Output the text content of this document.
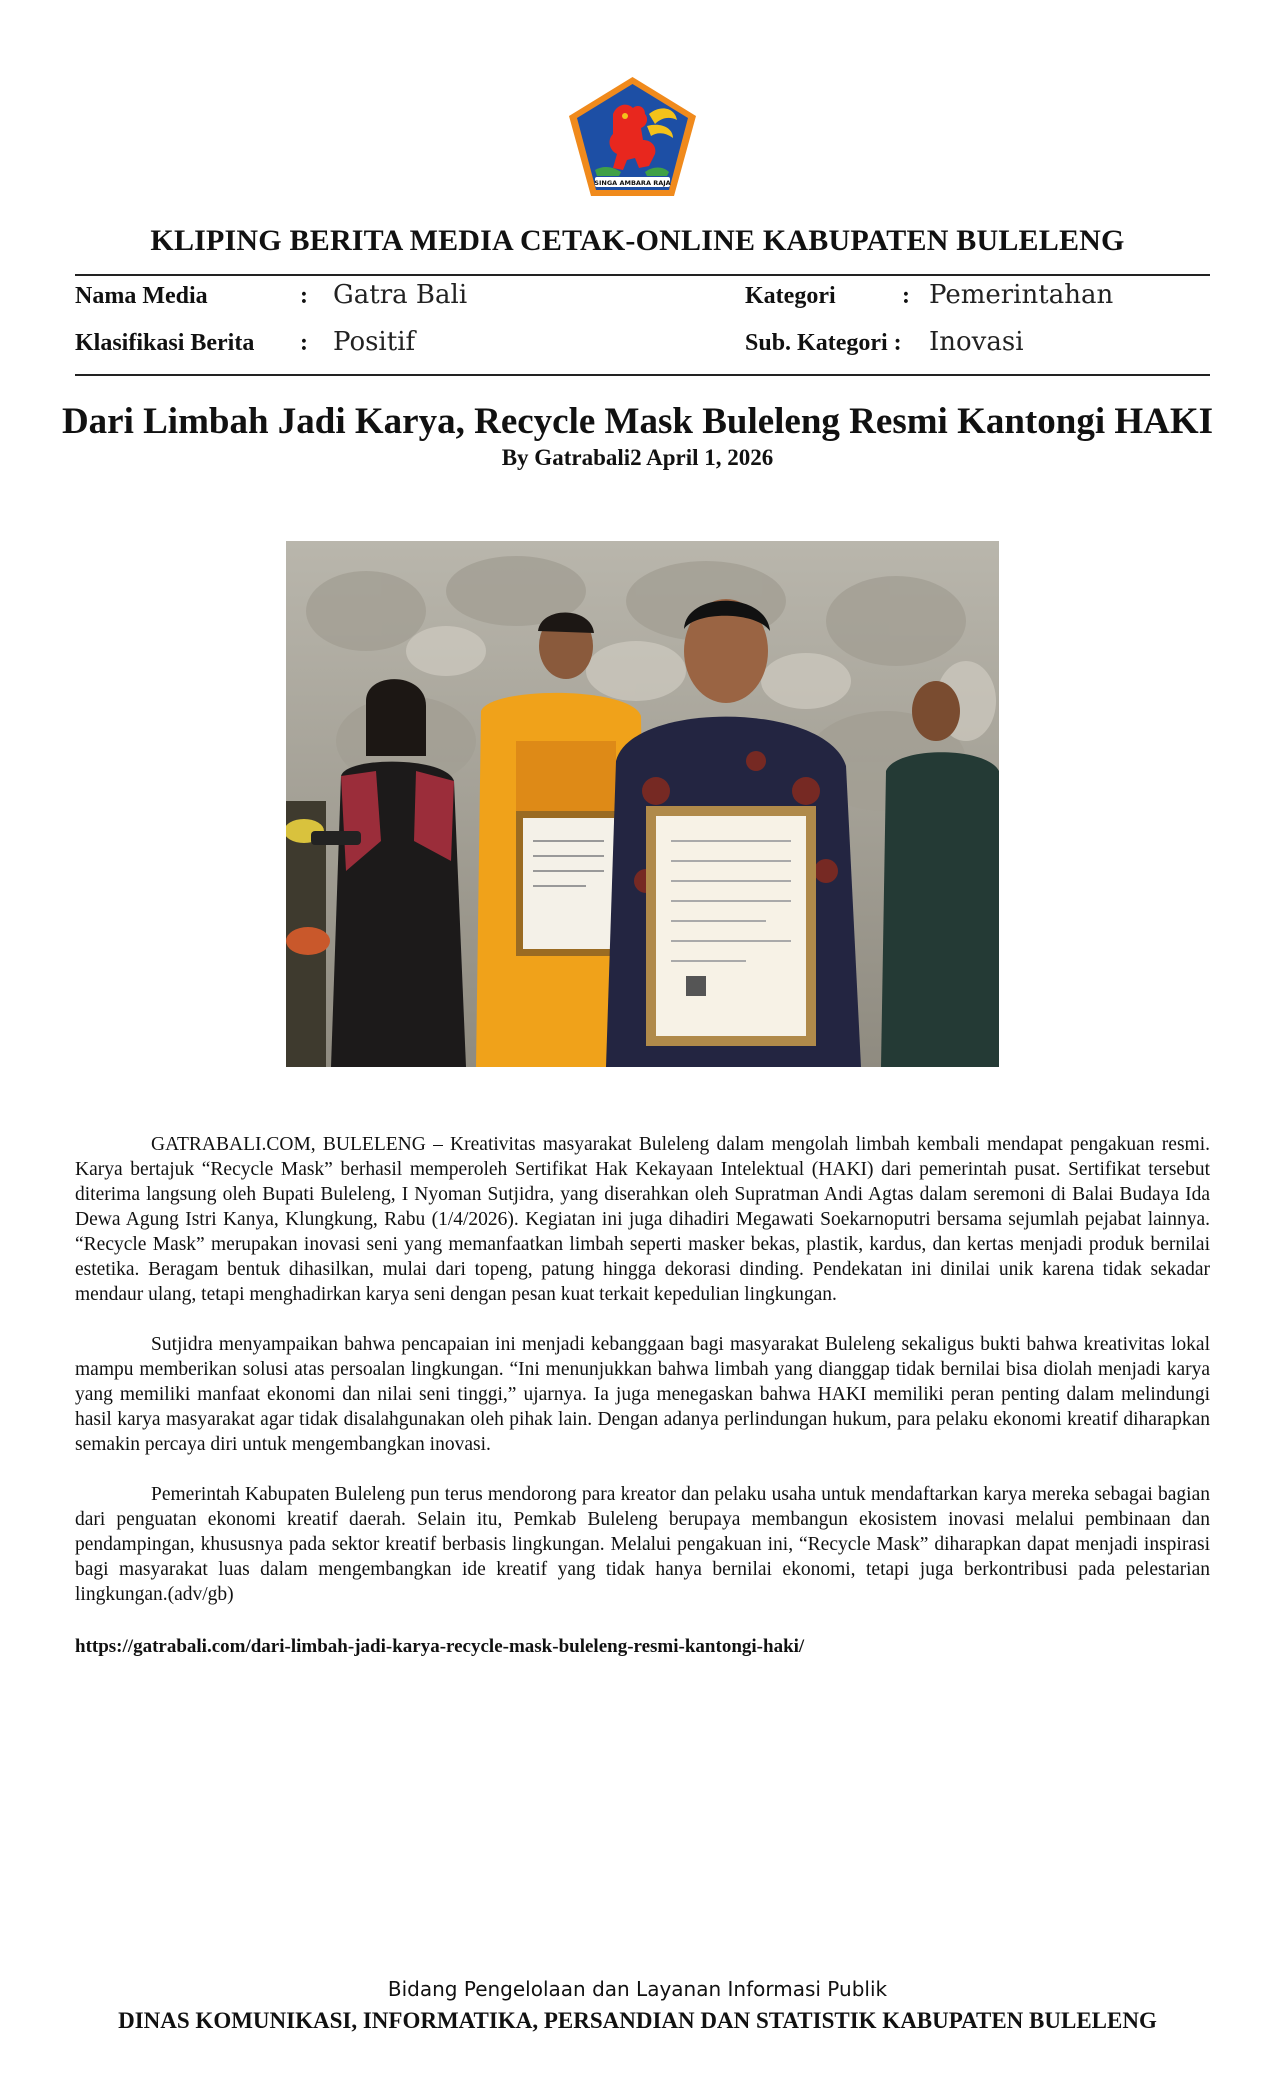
SINGA AMBARA RAJA
KLIPING BERITA MEDIA CETAK-ONLINE KABUPATEN BULELENG
Nama Media	: Gatra Bali	Kategori	: Pemerintahan
Klasifikasi Berita : Positif	Sub. Kategori : Inovasi
Dari Limbah Jadi Karya, Recycle Mask Buleleng Resmi Kantongi HAKI
By Gatrabali2 April 1, 2026

GATRABALI.COM, BULELENG – Kreativitas masyarakat Buleleng dalam mengolah limbah kembali mendapat pengakuan resmi. Karya bertajuk “Recycle Mask” berhasil memperoleh Sertifikat Hak Kekayaan Intelektual (HAKI) dari pemerintah pusat. Sertifikat tersebut diterima langsung oleh Bupati Buleleng, I Nyoman Sutjidra, yang diserahkan oleh Supratman Andi Agtas dalam seremoni di Balai Budaya Ida Dewa Agung Istri Kanya, Klungkung, Rabu (1/4/2026). Kegiatan ini juga dihadiri Megawati Soekarnoputri bersama sejumlah pejabat lainnya. “Recycle Mask” merupakan inovasi seni yang memanfaatkan limbah seperti masker bekas, plastik, kardus, dan kertas menjadi produk bernilai estetika. Beragam bentuk dihasilkan, mulai dari topeng, patung hingga dekorasi dinding. Pendekatan ini dinilai unik karena tidak sekadar mendaur ulang, tetapi menghadirkan karya seni dengan pesan kuat terkait kepedulian lingkungan.

Sutjidra menyampaikan bahwa pencapaian ini menjadi kebanggaan bagi masyarakat Buleleng sekaligus bukti bahwa kreativitas lokal mampu memberikan solusi atas persoalan lingkungan. “Ini menunjukkan bahwa limbah yang dianggap tidak bernilai bisa diolah menjadi karya yang memiliki manfaat ekonomi dan nilai seni tinggi,” ujarnya. Ia juga menegaskan bahwa HAKI memiliki peran penting dalam melindungi hasil karya masyarakat agar tidak disalahgunakan oleh pihak lain. Dengan adanya perlindungan hukum, para pelaku ekonomi kreatif diharapkan semakin percaya diri untuk mengembangkan inovasi.

Pemerintah Kabupaten Buleleng pun terus mendorong para kreator dan pelaku usaha untuk mendaftarkan karya mereka sebagai bagian dari penguatan ekonomi kreatif daerah. Selain itu, Pemkab Buleleng berupaya membangun ekosistem inovasi melalui pembinaan dan pendampingan, khususnya pada sektor kreatif berbasis lingkungan. Melalui pengakuan ini, “Recycle Mask” diharapkan dapat menjadi inspirasi bagi masyarakat luas dalam mengembangkan ide kreatif yang tidak hanya bernilai ekonomi, tetapi juga berkontribusi pada pelestarian lingkungan.(adv/gb)

https://gatrabali.com/dari-limbah-jadi-karya-recycle-mask-buleleng-resmi-kantongi-haki/
Bidang Pengelolaan dan Layanan Informasi Publik
DINAS KOMUNIKASI, INFORMATIKA, PERSANDIAN DAN STATISTIK KABUPATEN BULELENG
